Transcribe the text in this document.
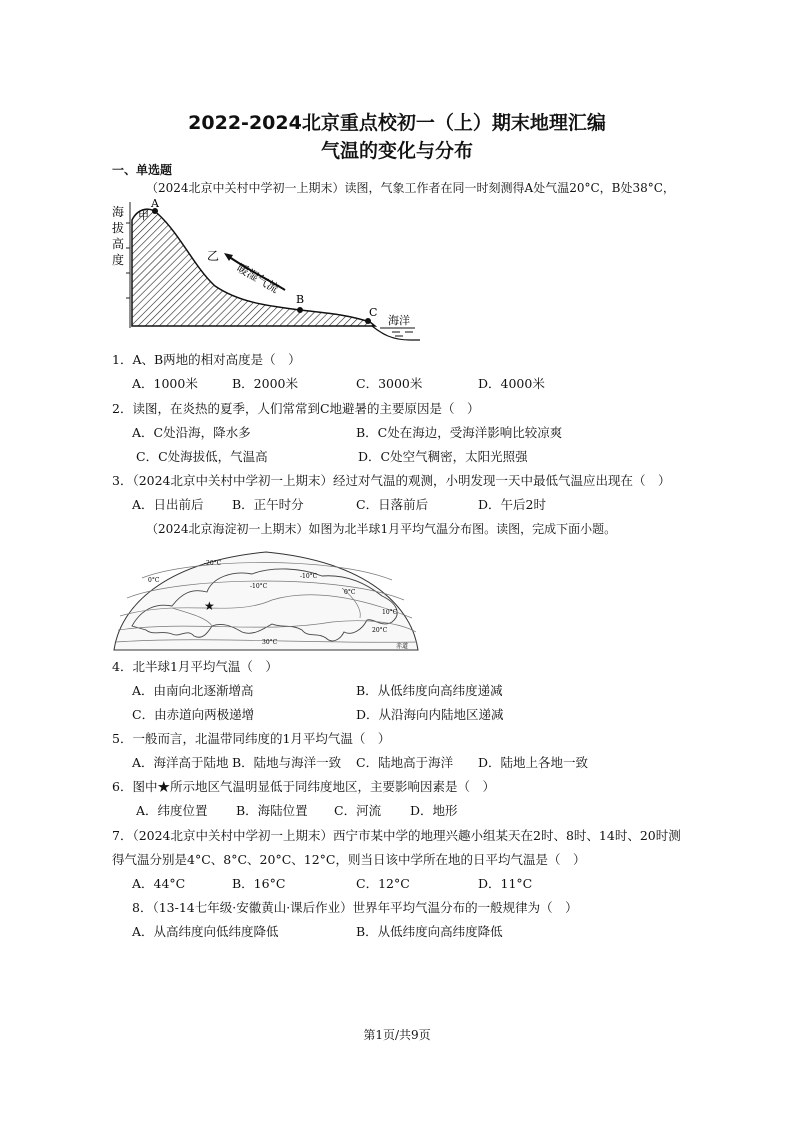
2022-2024北京重点校初一（上）期末地理汇编
气温的变化与分布
一、单选题
（2024北京中关村中学初一上期末）读图，气象工作者在同一时刻测得A处气温20°C，B处38°C，
海
拔
高
度
甲
A
乙
B
C
暖湿气流
海洋
1．A、B两地的相对高度是（　）
A．1000米	B．2000米	C．3000米	D．4000米
2．读图，在炎热的夏季，人们常常到C地避暑的主要原因是（　）
A．C处沿海，降水多	B．C处在海边，受海洋影响比较凉爽
C．C处海拔低，气温高	D．C处空气稠密，太阳光照强
3．（2024北京中关村中学初一上期末）经过对气温的观测，小明发现一天中最低气温应出现在（　）
A．日出前后 B．正午时分	C．日落前后	D．午后2时
（2024北京海淀初一上期末）如图为北半球1月平均气温分布图。读图，完成下面小题。
-20°C
-10°C
0°C
10°C
20°C
30°C
0°C
-10°C
★
赤道
4．北半球1月平均气温（　）
A．由南向北逐渐增高	B．从低纬度向高纬度递减
C．由赤道向两极递增	D．从沿海向内陆地区递减
5．一般而言，北温带同纬度的1月平均气温（　）
A．海洋高于陆地 B．陆地与海洋一致 C．陆地高于海洋 D．陆地上各地一致
6．图中★所示地区气温明显低于同纬度地区，主要影响因素是（　）
A．纬度位置 B．海陆位置 C．河流 D．地形
7．（2024北京中关村中学初一上期末）西宁市某中学的地理兴趣小组某天在2时、8时、14时、20时测
得气温分别是4°C、8°C、20°C、12°C，则当日该中学所在地的日平均气温是（　）
A．44°C	B．16°C	C．12°C	D．11°C
8．（13-14七年级·安徽黄山·课后作业）世界年平均气温分布的一般规律为（　）
A．从高纬度向低纬度降低	B．从低纬度向高纬度降低
第1页/共9页
